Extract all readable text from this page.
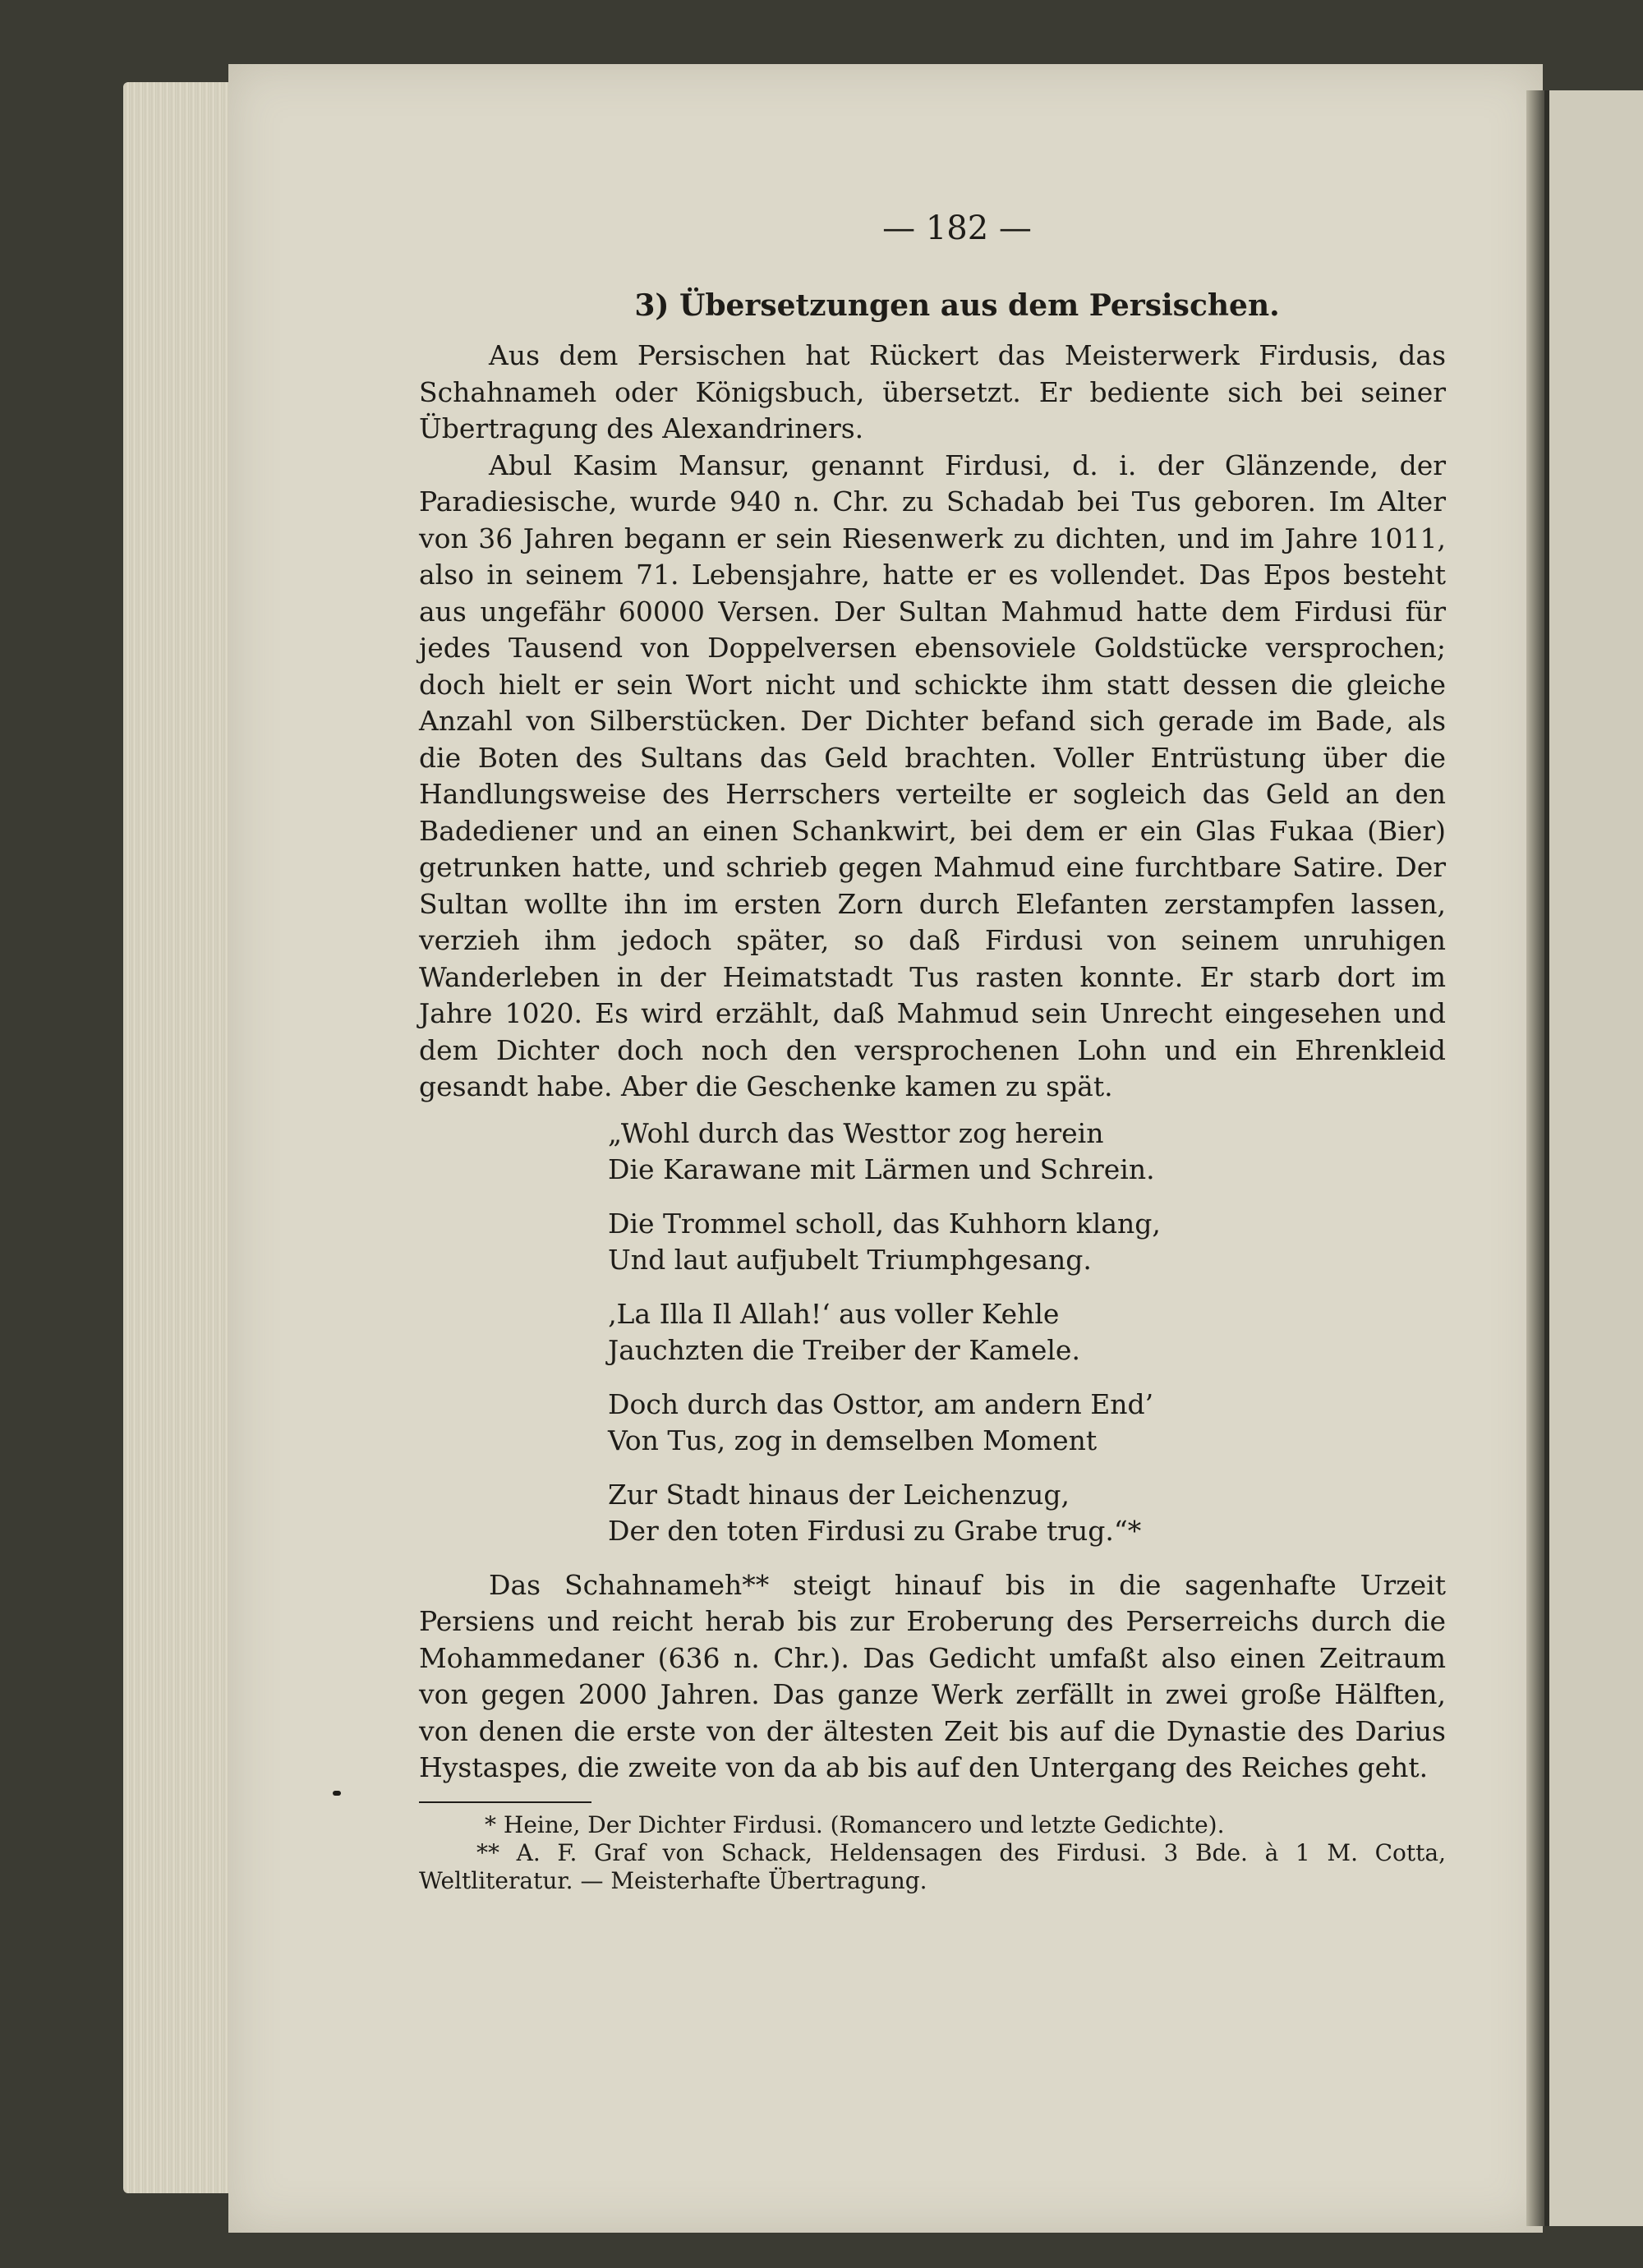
— 182 —
3) Übersetzungen aus dem Persischen.

Aus dem Persischen hat Rückert das Meisterwerk Firdusis, das Schahnameh oder Königsbuch, übersetzt. Er bediente sich bei seiner Übertragung des Alexandriners.

Abul Kasim Mansur, genannt Firdusi, d. i. der Glänzende, der Paradiesische, wurde 940 n. Chr. zu Schadab bei Tus geboren. Im Alter von 36 Jahren begann er sein Riesenwerk zu dichten, und im Jahre 1011, also in seinem 71. Lebensjahre, hatte er es vollendet. Das Epos besteht aus ungefähr 60000 Versen. Der Sultan Mahmud hatte dem Firdusi für jedes Tausend von Doppelversen ebensoviele Goldstücke versprochen; doch hielt er sein Wort nicht und schickte ihm statt dessen die gleiche Anzahl von Silberstücken. Der Dichter befand sich gerade im Bade, als die Boten des Sultans das Geld brachten. Voller Entrüstung über die Handlungsweise des Herrschers verteilte er sogleich das Geld an den Badediener und an einen Schankwirt, bei dem er ein Glas Fukaa (Bier) getrunken hatte, und schrieb gegen Mahmud eine furchtbare Satire. Der Sultan wollte ihn im ersten Zorn durch Elefanten zerstampfen lassen, verzieh ihm jedoch später, so daß Firdusi von seinem unruhigen Wanderleben in der Heimatstadt Tus rasten konnte. Er starb dort im Jahre 1020. Es wird erzählt, daß Mahmud sein Unrecht eingesehen und dem Dichter doch noch den versprochenen Lohn und ein Ehrenkleid gesandt habe. Aber die Geschenke kamen zu spät.

„Wohl durch das Westtor zog herein
Die Karawane mit Lärmen und Schrein.
Die Trommel scholl, das Kuhhorn klang,
Und laut aufjubelt Triumphgesang.
‚La Illa Il Allah!‘ aus voller Kehle
Jauchzten die Treiber der Kamele.
Doch durch das Osttor, am andern End’
Von Tus, zog in demselben Moment
Zur Stadt hinaus der Leichenzug,
Der den toten Firdusi zu Grabe trug.“*

Das Schahnameh** steigt hinauf bis in die sagenhafte Urzeit Persiens und reicht herab bis zur Eroberung des Perserreichs durch die Mohammedaner (636 n. Chr.). Das Gedicht umfaßt also einen Zeitraum von gegen 2000 Jahren. Das ganze Werk zerfällt in zwei große Hälften, von denen die erste von der ältesten Zeit bis auf die Dynastie des Darius Hystaspes, die zweite von da ab bis auf den Untergang des Reiches geht.

* Heine, Der Dichter Firdusi. (Romancero und letzte Gedichte).

** A. F. Graf von Schack, Heldensagen des Firdusi. 3 Bde. à 1 M. Cotta, Weltliteratur. — Meisterhafte Übertragung.
